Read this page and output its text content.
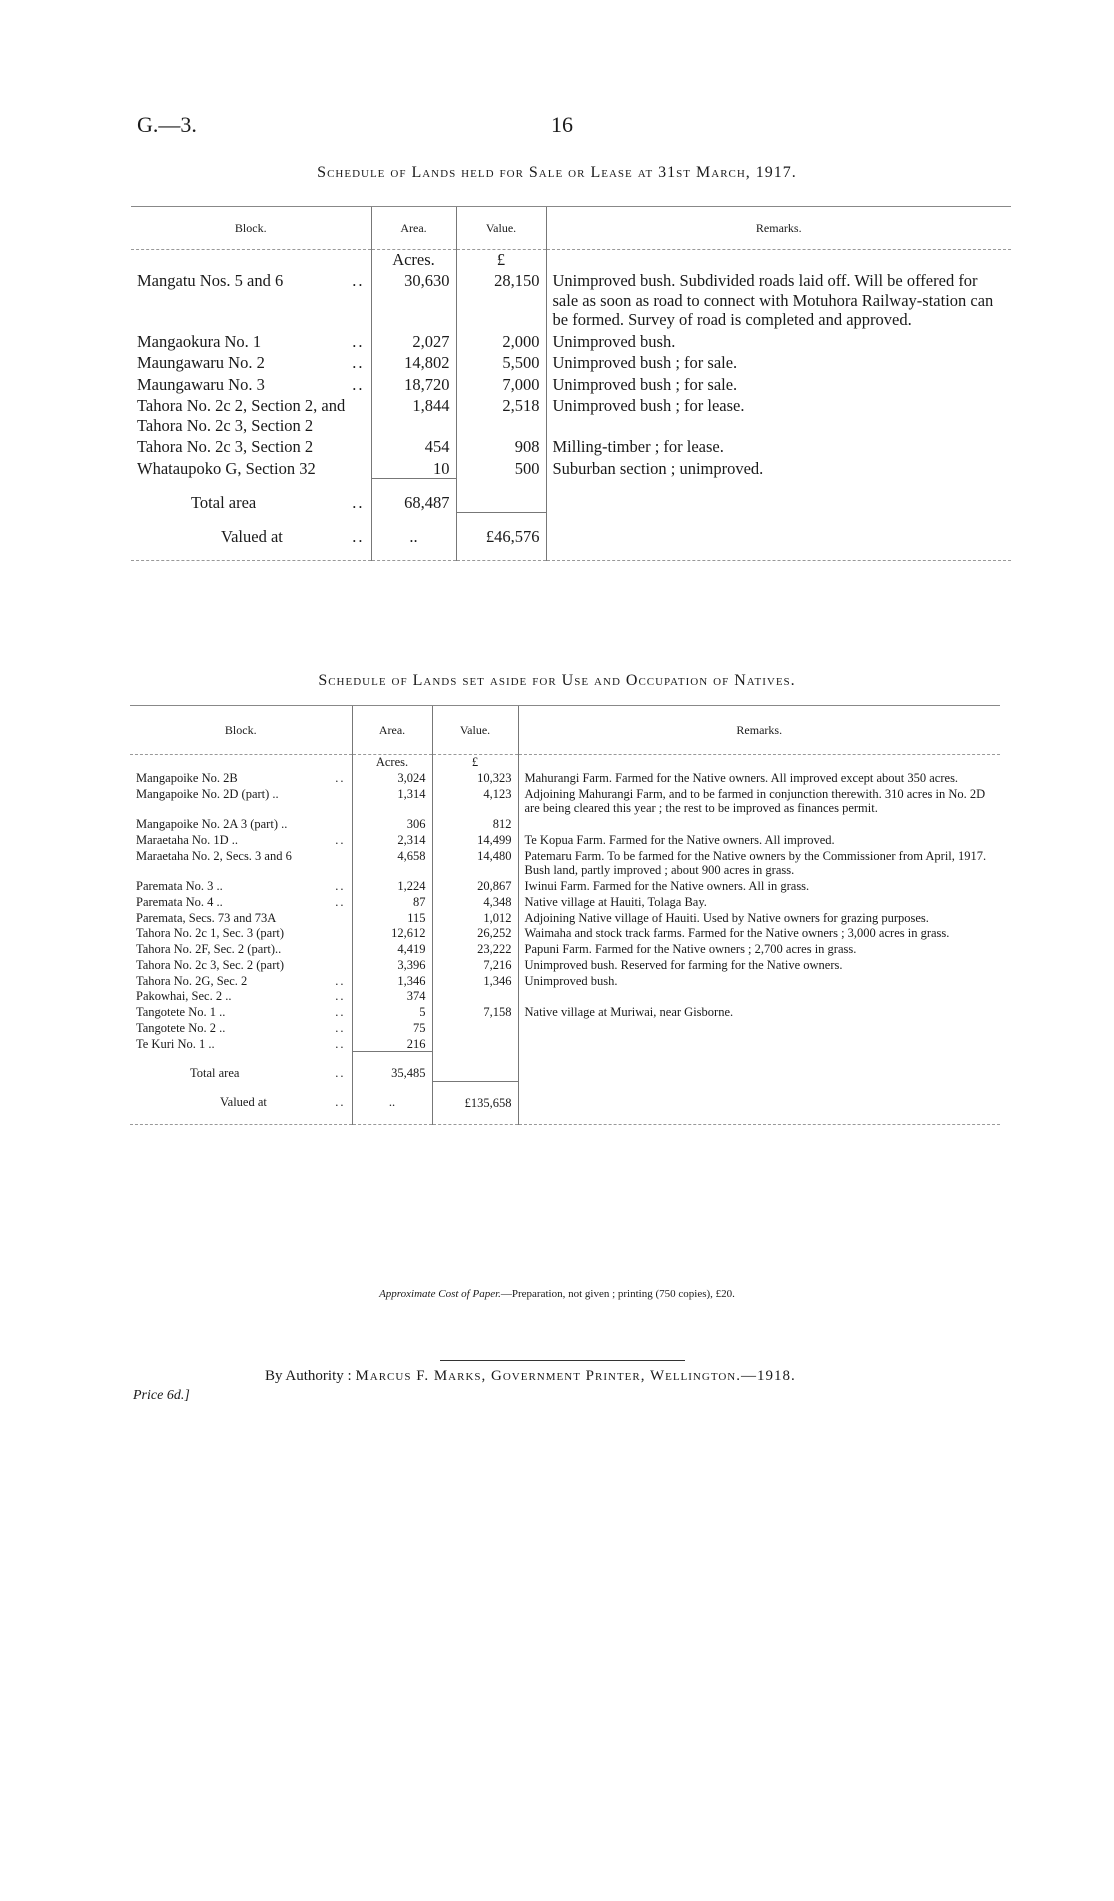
G.—3.	16
Schedule of Lands held for Sale or Lease at 31st March, 1917.
Block.	Area.	Value.	Remarks.
	Acres.	£	
Mangatu Nos. 5 and 6 ..	30,630	28,150	Unimproved bush. Subdivided roads laid off. Will be offered for sale as soon as road to connect with Motuhora Railway-station can be formed. Survey of road is completed and approved.
Mangaokura No. 1 ..	2,027	2,000	Unimproved bush.
Maungawaru No. 2 ..	14,802	5,500	Unimproved bush ; for sale.
Maungawaru No. 3 ..	18,720	7,000	Unimproved bush ; for sale.
Tahora No. 2c 2, Section 2, and Tahora No. 2c 3, Section 2	1,844	2,518	Unimproved bush ; for lease.
Tahora No. 2c 3, Section 2	454	908	Milling-timber ; for lease.
Whataupoko G, Section 32	10	500	Suburban section ; unimproved.
Total area ..	68,487		
Valued at ..	..	£46,576	
Schedule of Lands set aside for Use and Occupation of Natives.
Block.	Area.	Value.	Remarks.
	Acres.	£	
Mangapoike No. 2B ..	3,024	10,323	Mahurangi Farm. Farmed for the Native owners. All improved except about 350 acres.
Mangapoike No. 2D (part) ..	1,314	4,123	Adjoining Mahurangi Farm, and to be farmed in conjunction therewith. 310 acres in No. 2D are being cleared this year ; the rest to be improved as finances permit.
Mangapoike No. 2A 3 (part) ..	306	812	
Maraetaha No. 1D .. ..	2,314	14,499	Te Kopua Farm. Farmed for the Native owners. All improved.
Maraetaha No. 2, Secs. 3 and 6	4,658	14,480	Patemaru Farm. To be farmed for the Native owners by the Commissioner from April, 1917. Bush land, partly improved ; about 900 acres in grass.
Paremata No. 3 .. ..	1,224	20,867	Iwinui Farm. Farmed for the Native owners. All in grass.
Paremata No. 4 .. ..	87	4,348	Native village at Hauiti, Tolaga Bay.
Paremata, Secs. 73 and 73A	115	1,012	Adjoining Native village of Hauiti. Used by Native owners for grazing purposes.
Tahora No. 2c 1, Sec. 3 (part)	12,612	26,252	Waimaha and stock track farms. Farmed for the Native owners ; 3,000 acres in grass.
Tahora No. 2F, Sec. 2 (part)..	4,419	23,222	Papuni Farm. Farmed for the Native owners ; 2,700 acres in grass.
Tahora No. 2c 3, Sec. 2 (part)	3,396	7,216	Unimproved bush. Reserved for farming for the Native owners.
Tahora No. 2G, Sec. 2 ..	1,346	1,346	Unimproved bush.
Pakowhai, Sec. 2 .. ..	374		
Tangotete No. 1 .. ..	5	7,158	Native village at Muriwai, near Gisborne.
Tangotete No. 2 .. ..	75		
Te Kuri No. 1 .. ..	216		
Total area ..	35,485		
Valued at ..	..	£135,658	
Approximate Cost of Paper.—Preparation, not given ; printing (750 copies), £20.
By Authority : Marcus F. Marks, Government Printer, Wellington.—1918.
Price 6d.]
